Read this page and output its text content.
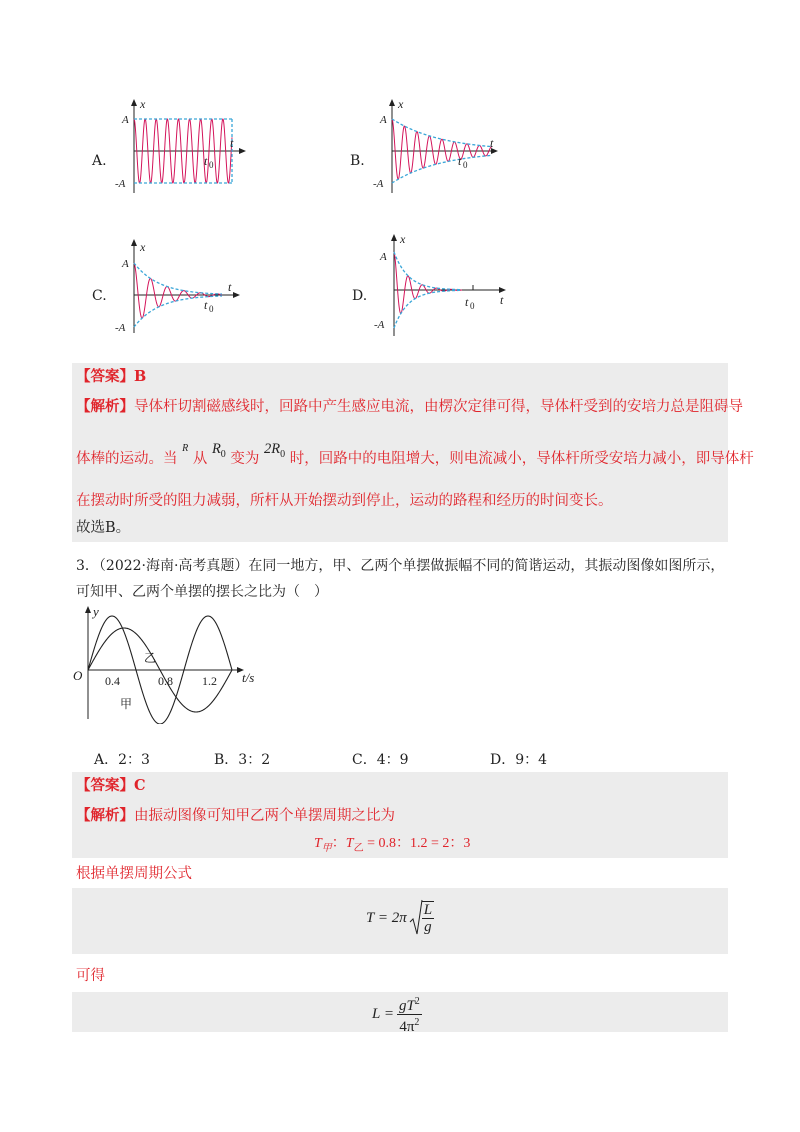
A.
x
A
-A
t
t 0	B.
x
A
-A
t
t 0
C.
x
A
-A
t
t 0
D.
x
A
-A
t
t 0
【答案】B
【解析】导体杆切割磁感线时，回路中产生感应电流，由楞次定律可得，导体杆受到的安培力总是阻碍导
体棒的运动。当 $^R$ 从 $R_0$ 变为 $2R_0$ 时，回路中的电阻增大，则电流减小，导体杆所受安培力减小，即导体杆
在摆动时所受的阻力减弱，所杆从开始摆动到停止，运动的路程和经历的时间变长。
故选B。
3．（2022·海南·高考真题）在同一地方，甲、乙两个单摆做振幅不同的简谐运动，其振动图像如图所示，
可知甲、乙两个单摆的摆长之比为（　）
y
O	t/s
0.4	0.8 1.2
乙
甲
A．2：3	B．3：2	C．4：9	D．9：4
【答案】C
【解析】由振动图像可知甲乙两个单摆周期之比为
$T_甲$：$T_乙 = 0.8$：1.2 = 2：3
根据单摆周期公式
$T = 2\pi \frac{L}{g}$
可得
$L = \frac{gT^2}{4\pi^2}$
